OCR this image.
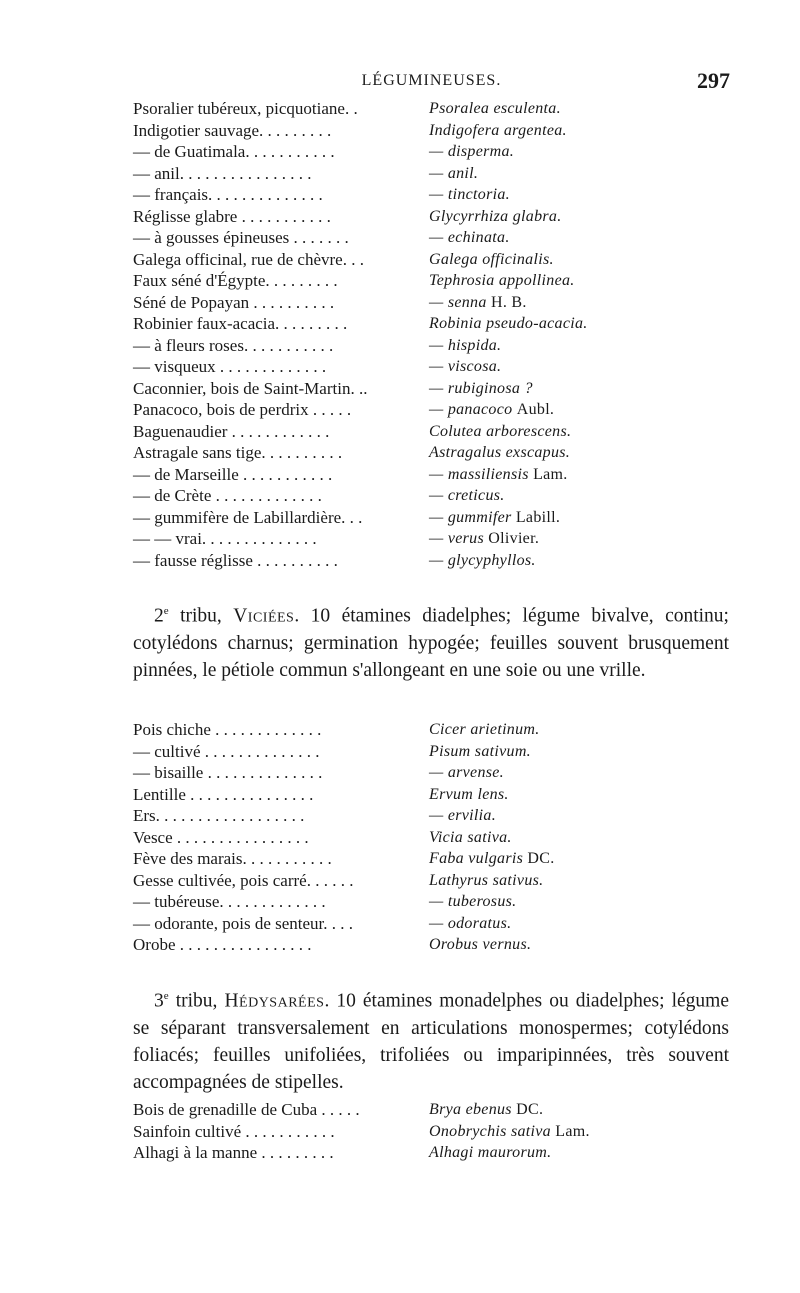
LÉGUMINEUSES.	297
Psoralier tubéreux, picquotiane. .	Psoralea esculenta.
Indigotier sauvage. . . . . . . . .	Indigofera argentea.
— de Guatimala. . . . . . . . . . .	— disperma.
— anil. . . . . . . . . . . . . . . .	— anil.
— français. . . . . . . . . . . . . .	— tinctoria.
Réglisse glabre . . . . . . . . . . .	Glycyrrhiza glabra.
— à gousses épineuses . . . . . . .	— echinata.
Galega officinal, rue de chèvre. . .	Galega officinalis.
Faux séné d'Égypte. . . . . . . . .	Tephrosia appollinea.
Séné de Popayan . . . . . . . . . .	— senna H. B.
Robinier faux-acacia. . . . . . . . .	Robinia pseudo-acacia.
— à fleurs roses. . . . . . . . . . .	— hispida.
— visqueux . . . . . . . . . . . . .	— viscosa.
Caconnier, bois de Saint-Martin. ..	— rubiginosa ?
Panacoco, bois de perdrix . . . . .	— panacoco Aubl.
Baguenaudier . . . . . . . . . . . .	Colutea arborescens.
Astragale sans tige. . . . . . . . . .	Astragalus exscapus.
— de Marseille . . . . . . . . . . .	— massiliensis Lam.
— de Crète . . . . . . . . . . . . .	— creticus.
— gummifère de Labillardière. . .	— gummifer Labill.
— — vrai. . . . . . . . . . . . . .	— verus Olivier.
— fausse réglisse . . . . . . . . . .	— glycyphyllos.
2e tribu, Viciées. 10 étamines diadelphes; légume bivalve, continu; cotylédons charnus; germination hypogée; feuilles souvent brusquement pinnées, le pétiole commun s'allongeant en une soie ou une vrille.
Pois chiche . . . . . . . . . . . . .	Cicer arietinum.
— cultivé . . . . . . . . . . . . . .	Pisum sativum.
— bisaille . . . . . . . . . . . . . .	— arvense.
Lentille . . . . . . . . . . . . . . .	Ervum lens.
Ers. . . . . . . . . . . . . . . . . .	— ervilia.
Vesce . . . . . . . . . . . . . . . .	Vicia sativa.
Fève des marais. . . . . . . . . . .	Faba vulgaris DC.
Gesse cultivée, pois carré. . . . . .	Lathyrus sativus.
— tubéreuse. . . . . . . . . . . . .	— tuberosus.
— odorante, pois de senteur. . . .	— odoratus.
Orobe . . . . . . . . . . . . . . . .	Orobus vernus.
3e tribu, Hédysarées. 10 étamines monadelphes ou diadelphes; légume se séparant transversalement en articulations monospermes; cotylédons foliacés; feuilles unifoliées, trifoliées ou imparipinnées, très souvent accompagnées de stipelles.
Bois de grenadille de Cuba . . . . .	Brya ebenus DC.
Sainfoin cultivé . . . . . . . . . . .	Onobrychis sativa Lam.
Alhagi à la manne . . . . . . . . .	Alhagi maurorum.
